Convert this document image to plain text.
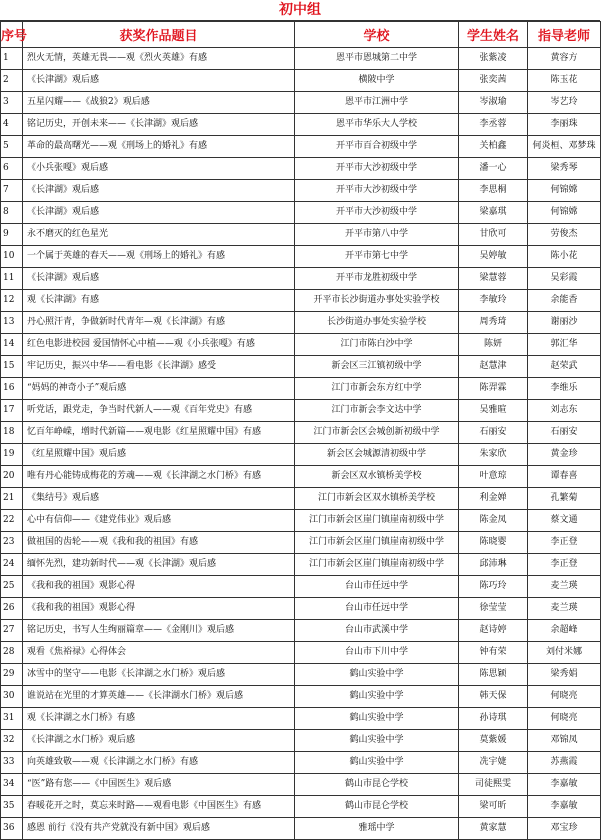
初中组
序号	获奖作品题目	学校	学生姓名	指导老师
1	烈火无情，英雄无畏——观《烈火英雄》有感	恩平市恩城第二中学	张紫凌	黄容方
2	《长津湖》观后感	横陂中学	张奕茜	陈玉花
3	五星闪耀——《战狼2》观后感	恩平市江洲中学	岑淑瑜	岑艺玲
4	铭记历史，开创未来——《长津湖》观后感	恩平市华乐大人学校	李丞蓉	李丽珠
5	革命的最高曙光——观《刑场上的婚礼》有感	开平市百合初级中学	关柏鑫	何炎桓、邓梦珠
6	《小兵张嘎》观后感	开平市大沙初级中学	潘一心	梁秀琴
7	《长津湖》观后感	开平市大沙初级中学	李思桐	何锦嫦
8	《长津湖》观后感	开平市大沙初级中学	梁嘉琪	何锦嫦
9	永不磨灭的红色星光	开平市第八中学	甘欣可	劳俊杰
10	一个属于英雄的春天——观《刑场上的婚礼》有感	开平市第七中学	吴婷敏	陈小花
11	《长津湖》观后感	开平市龙胜初级中学	梁慧蓉	吴彩霞
12	观《长津湖》有感	开平市长沙街道办事处实验学校	李敏玲	余能香
13	丹心照汗青，争做新时代青年—观《长津湖》有感	长沙街道办事处实验学校	周秀琦	谢丽沙
14	红色电影进校园 爱国情怀心中植——观《小兵张嘎》有感	江门市陈白沙中学	陈妍	郭汇华
15	牢记历史，振兴中华——看电影《长津湖》感受	新会区三江镇初级中学	赵慧津	赵荣武
16	“妈妈的神奇小子”观后感	江门市新会东方红中学	陈羿霖	李维乐
17	听党话，跟党走，争当时代新人——观《百年党史》有感	江门市新会李文达中学	吴雅暄	刘志东
18	忆百年峥嵘，增时代新篇——观电影《红星照耀中国》有感	江门市新会区会城创新初级中学	石丽安	石丽安
19	《红星照耀中国》观后感	新会区会城源清初级中学	朱家欣	黄金珍
20	唯有丹心能铸成梅花的芳魂——观《长津湖之水门桥》有感	新会区双水镇桥美学校	叶意琼	谭春喜
21	《集结号》观后感	江门市新会区双水镇桥美学校	利金婵	孔繁菊
22	心中有信仰——《建党伟业》观后感	江门市新会区崖门镇崖南初级中学	陈金凤	蔡文通
23	做祖国的齿轮——观《我和我的祖国》有感	江门市新会区崖门镇崖南初级中学	陈晓婴	李正登
24	缅怀先烈，建功新时代——观《长津湖》观后感	江门市新会区崖门镇崖南初级中学	邱沛琳	李正登
25	《我和我的祖国》观影心得	台山市任远中学	陈巧玲	麦兰瑛
26	《我和我的祖国》观影心得	台山市任远中学	徐莹莹	麦兰瑛
27	铭记历史，书写人生绚丽篇章——《金刚川》观后感	台山市武溪中学	赵诗婷	余超峰
28	观看《焦裕禄》心得体会	台山市下川中学	钟有荣	刘付米娜
29	冰雪中的坚守——电影《长津湖之水门桥》观后感	鹤山实验中学	陈思颖	梁秀娟
30	谁说站在光里的才算英雄——《长津湖水门桥》观后感	鹤山实验中学	韩天保	何晓亮
31	观《长津湖之水门桥》有感	鹤山实验中学	孙诗琪	何晓亮
32	《长津湖之水门桥》观后感	鹤山实验中学	莫紫媛	邓锦凤
33	向英雄致敬——观《长津湖之水门桥》有感	鹤山实验中学	冼宇婕	苏燕霞
34	“医”路有您——《中国医生》观后感	鹤山市昆仑学校	司徒熙雯	李嘉敏
35	春暖花开之时，莫忘来时路——观看电影《中国医生》有感	鹤山市昆仑学校	梁可昕	李嘉敏
36	感恩 前行《没有共产党就没有新中国》观后感	雅瑶中学	黄家慧	邓宝珍
